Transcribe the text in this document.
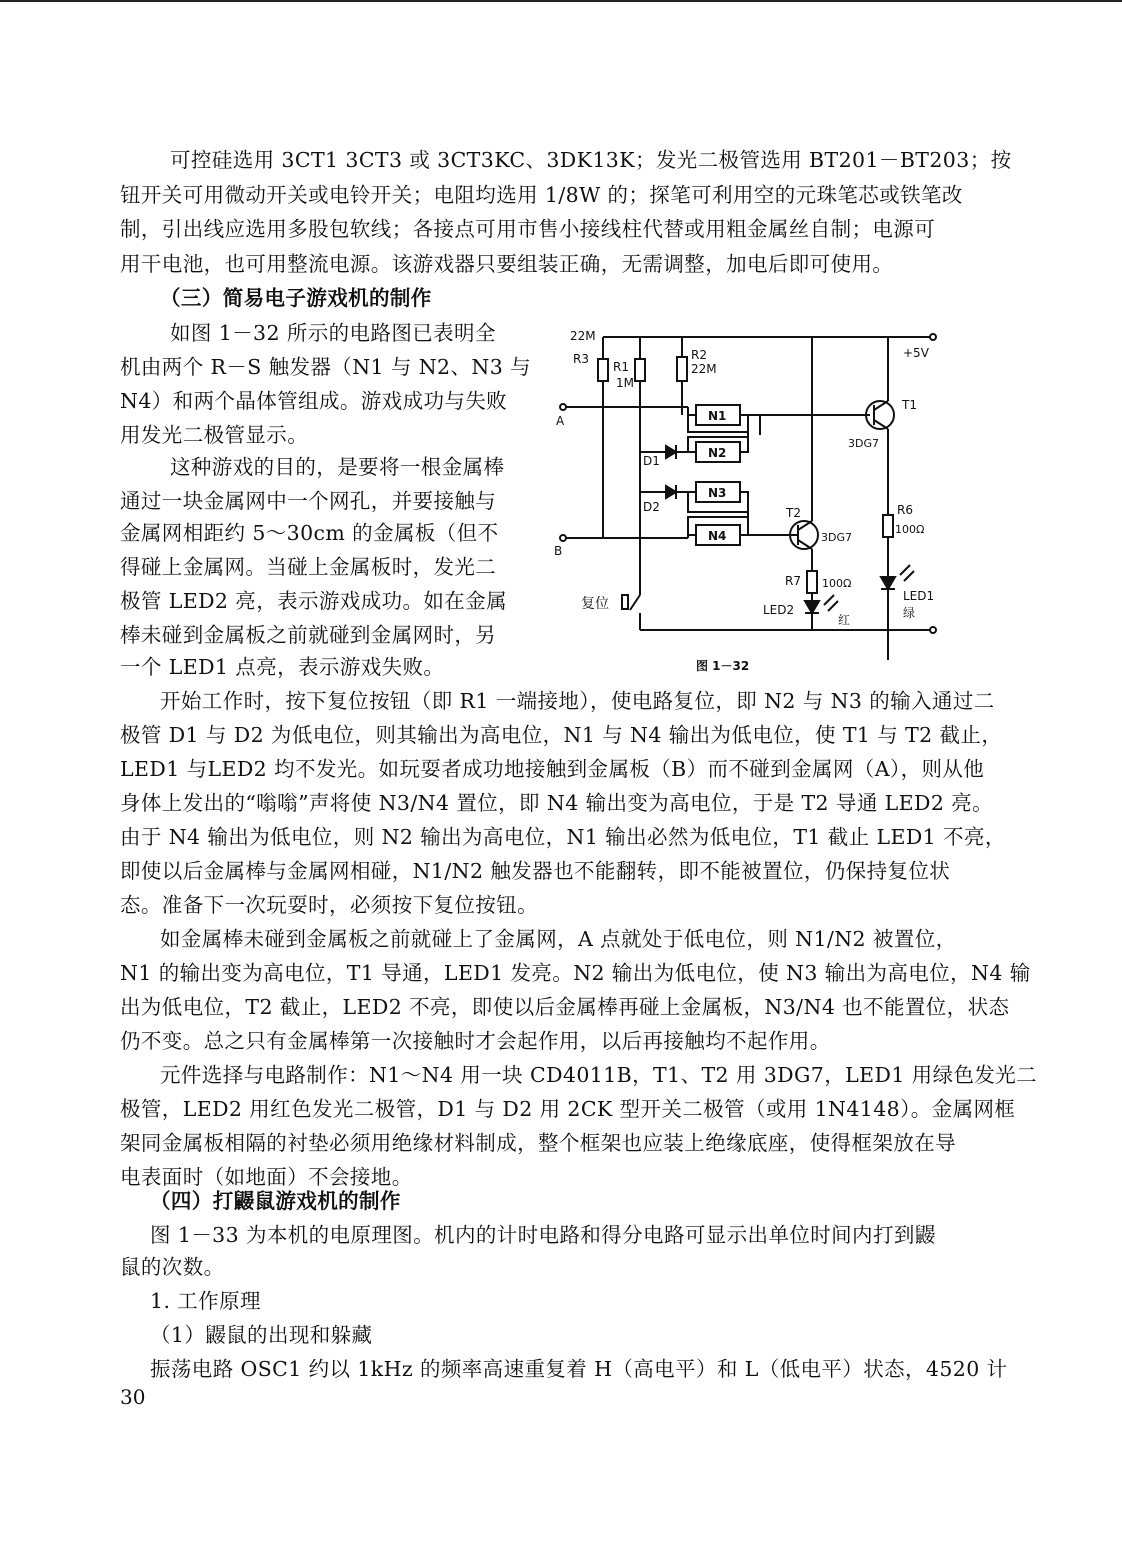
可控硅选用 3CT1 3CT3 或 3CT3KC、3DK13K；发光二极管选用 BT201－BT203；按
钮开关可用微动开关或电铃开关；电阻均选用 1/8W 的；探笔可利用空的元珠笔芯或铁笔改
制，引出线应选用多股包软线；各接点可用市售小接线柱代替或用粗金属丝自制；电源可
用干电池，也可用整流电源。该游戏器只要组装正确，无需调整，加电后即可使用。
（三）简易电子游戏机的制作
如图 1－32 所示的电路图已表明全
机由两个 R－S 触发器（N1 与 N2、N3 与
N4）和两个晶体管组成。游戏成功与失败
用发光二极管显示。
这种游戏的目的，是要将一根金属棒
通过一块金属网中一个网孔，并要接触与
金属网相距约 5～30cm 的金属板（但不
得碰上金属网。当碰上金属板时，发光二
极管 LED2 亮，表示游戏成功。如在金属
棒未碰到金属板之前就碰到金属网时，另
一个 LED1 点亮，表示游戏失败。
22M
R3
R1
1M
R2
22M
+5V
T1
3DG7
A
B
N1
N2
N3
N4
D1
D2	T2
3DG7
R6
100Ω
R7 100Ω
LED1
绿
LED2
红
复位
图 1－32
开始工作时，按下复位按钮（即 R1 一端接地），使电路复位，即 N2 与 N3 的输入通过二
极管 D1 与 D2 为低电位，则其输出为高电位，N1 与 N4 输出为低电位，使 T1 与 T2 截止，
LED1 与LED2 均不发光。如玩耍者成功地接触到金属板（B）而不碰到金属网（A），则从他
身体上发出的“嗡嗡”声将使 N3/N4 置位，即 N4 输出变为高电位，于是 T2 导通 LED2 亮。
由于 N4 输出为低电位，则 N2 输出为高电位，N1 输出必然为低电位，T1 截止 LED1 不亮，
即使以后金属棒与金属网相碰，N1/N2 触发器也不能翻转，即不能被置位，仍保持复位状
态。准备下一次玩耍时，必须按下复位按钮。
如金属棒未碰到金属板之前就碰上了金属网，A 点就处于低电位，则 N1/N2 被置位，
N1 的输出变为高电位，T1 导通，LED1 发亮。N2 输出为低电位，使 N3 输出为高电位，N4 输
出为低电位，T2 截止，LED2 不亮，即使以后金属棒再碰上金属板，N3/N4 也不能置位，状态
仍不变。总之只有金属棒第一次接触时才会起作用，以后再接触均不起作用。
元件选择与电路制作：N1～N4 用一块 CD4011B，T1、T2 用 3DG7，LED1 用绿色发光二
极管，LED2 用红色发光二极管，D1 与 D2 用 2CK 型开关二极管（或用 1N4148）。金属网框
架同金属板相隔的衬垫必须用绝缘材料制成，整个框架也应装上绝缘底座，使得框架放在导
电表面时（如地面）不会接地。
（四）打鼹鼠游戏机的制作
图 1－33 为本机的电原理图。机内的计时电路和得分电路可显示出单位时间内打到鼹
鼠的次数。
1. 工作原理
（1）鼹鼠的出现和躲藏
振荡电路 OSC1 约以 1kHz 的频率高速重复着 H（高电平）和 L（低电平）状态，4520 计
30
